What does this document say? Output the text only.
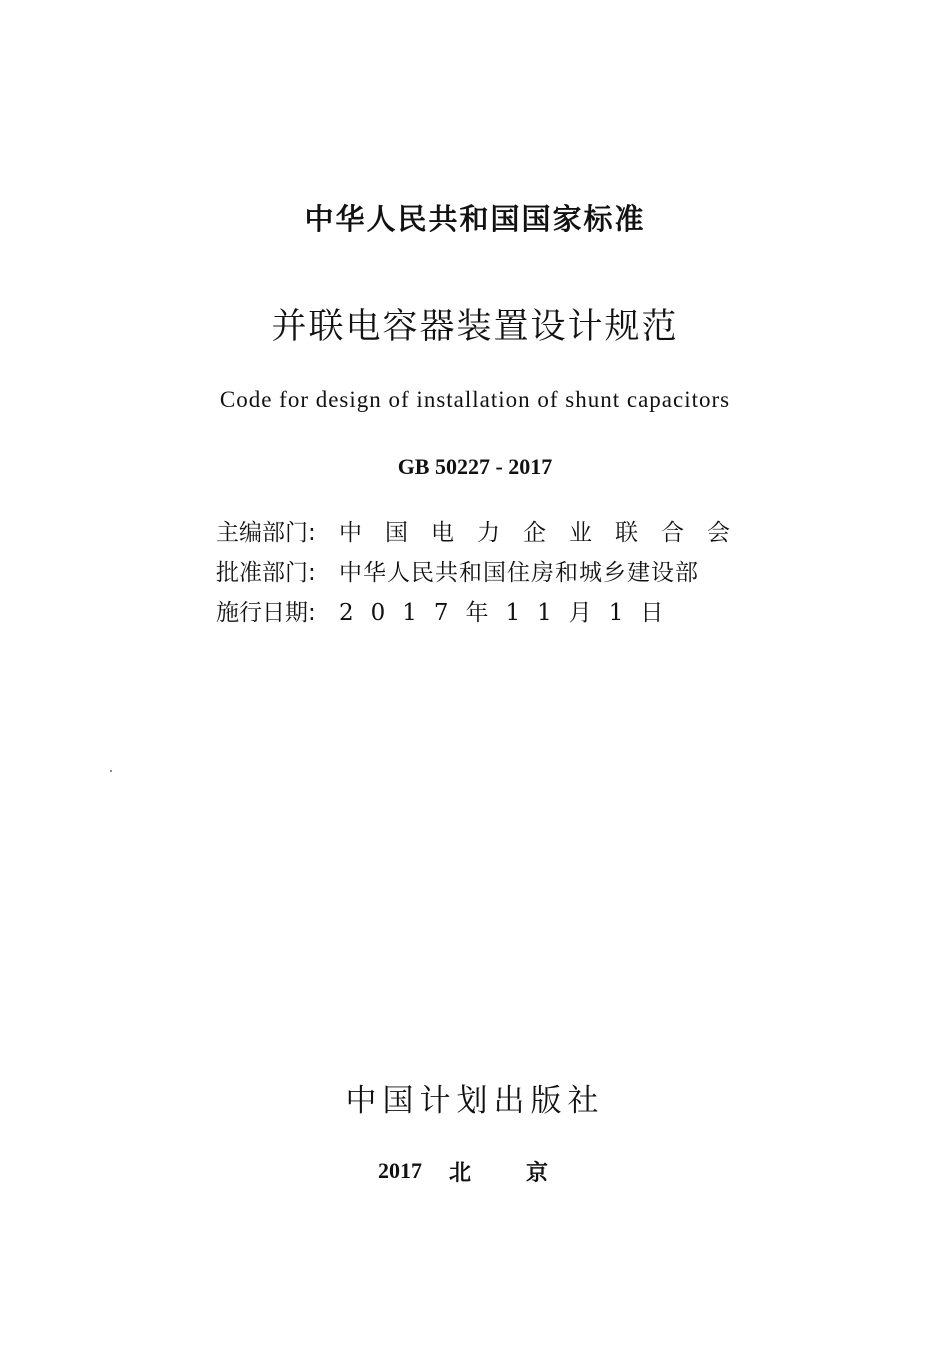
中华人民共和国国家标准
并联电容器装置设计规范
Code for design of installation of shunt capacitors
GB 50227 - 2017
主编部门:	中国电力企业联合会
批准部门:	中华人民共和国住房和城乡建设部
施行日期:	2017年11月1日
中国计划出版社
2017 北京
